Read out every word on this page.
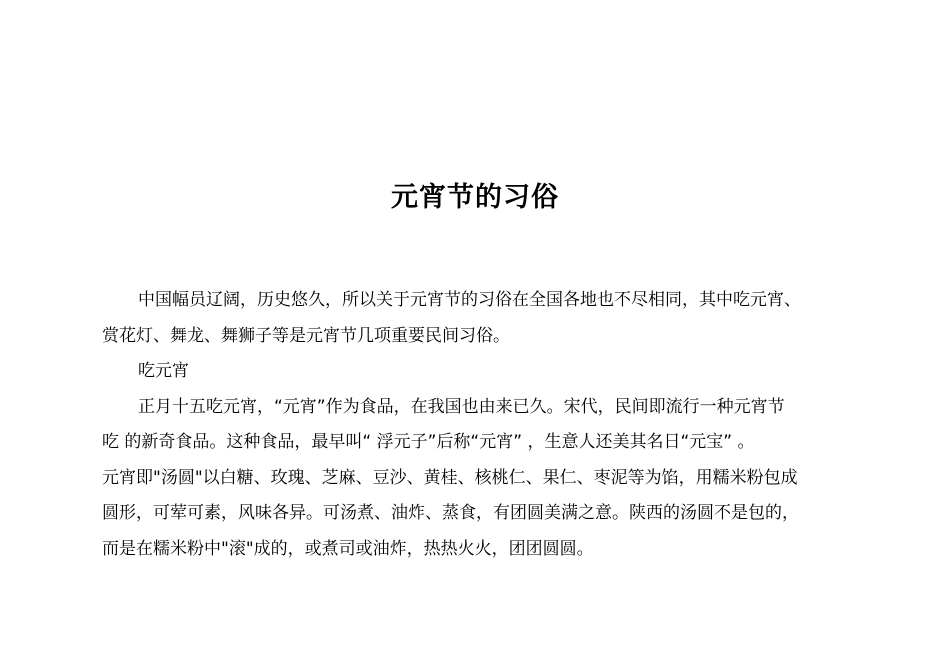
元宵节的习俗
中国幅员辽阔，历史悠久，所以关于元宵节的习俗在全国各地也不尽相同，其中吃元宵、
赏花灯、舞龙、舞狮子等是元宵节几项重要民间习俗。
吃元宵
正月十五吃元宵，“元宵”作为食品，在我国也由来已久。宋代，民间即流行一种元宵节
吃 的新奇食品。这种食品，最早叫“ 浮元子”后称“元宵” ，生意人还美其名日“元宝” 。
元宵即"汤圆"以白糖、玫瑰、芝麻、豆沙、黄桂、核桃仁、果仁、枣泥等为馅，用糯米粉包成
圆形，可荤可素，风味各异。可汤煮、油炸、蒸食，有团圆美满之意。陕西的汤圆不是包的，
而是在糯米粉中"滚"成的，或煮司或油炸，热热火火，团团圆圆。
